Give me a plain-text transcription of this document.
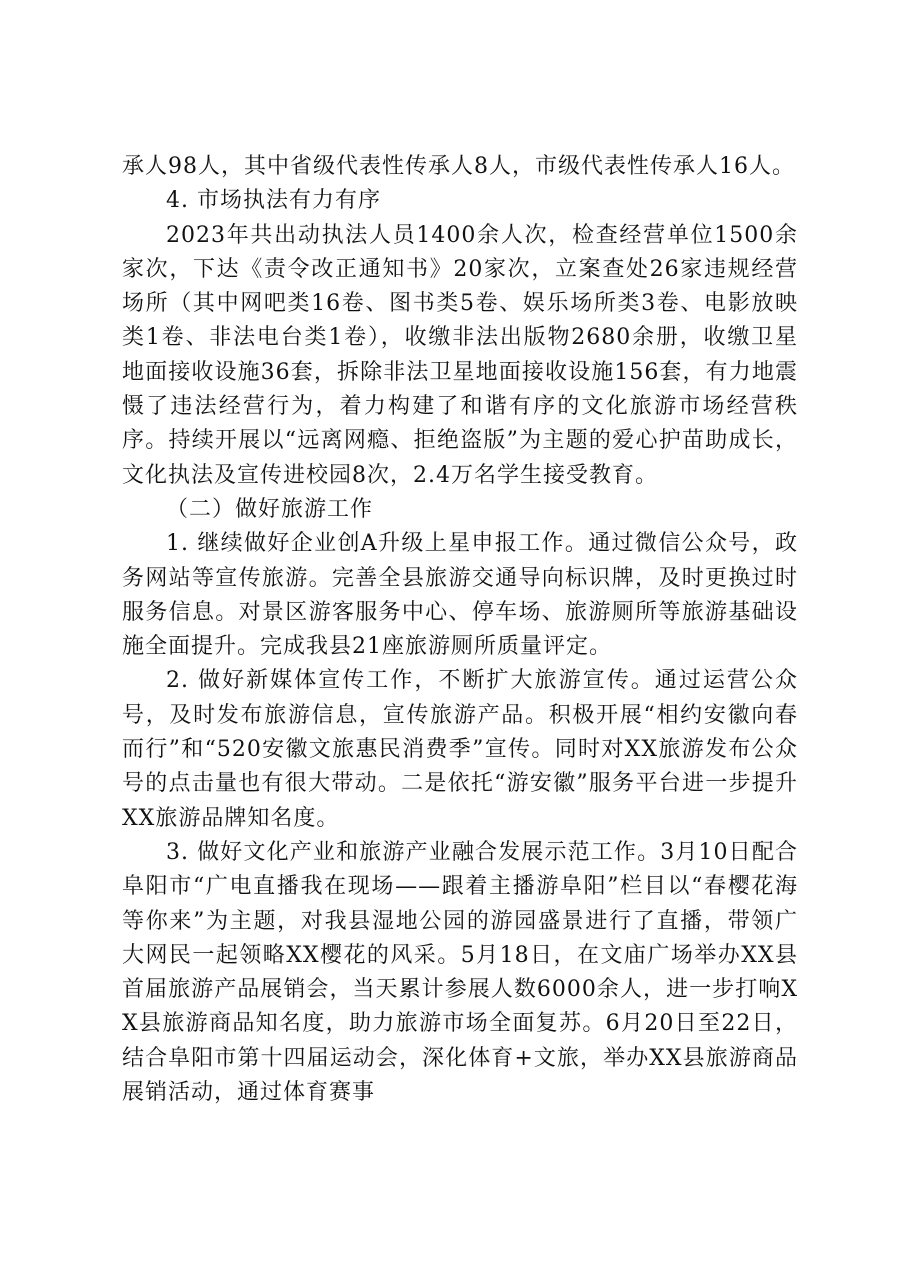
承人98人，其中省级代表性传承人8人，市级代表性传承人16人。

4. 市场执法有力有序

2023年共出动执法人员1400余人次，检查经营单位1500余家次，下达《责令改正通知书》20家次，立案查处26家违规经营场所（其中网吧类16卷、图书类5卷、娱乐场所类3卷、电影放映类1卷、非法电台类1卷），收缴非法出版物2680余册，收缴卫星地面接收设施36套，拆除非法卫星地面接收设施156套，有力地震慑了违法经营行为，着力构建了和谐有序的文化旅游市场经营秩序。持续开展以“远离网瘾、拒绝盗版”为主题的爱心护苗助成长，文化执法及宣传进校园8次，2.4万名学生接受教育。

（二）做好旅游工作

1. 继续做好企业创A升级上星申报工作。通过微信公众号，政务网站等宣传旅游。完善全县旅游交通导向标识牌，及时更换过时服务信息。对景区游客服务中心、停车场、旅游厕所等旅游基础设施全面提升。完成我县21座旅游厕所质量评定。

2. 做好新媒体宣传工作，不断扩大旅游宣传。通过运营公众号，及时发布旅游信息，宣传旅游产品。积极开展“相约安徽向春而行”和“520安徽文旅惠民消费季”宣传。同时对XX旅游发布公众号的点击量也有很大带动。二是依托“游安徽”服务平台进一步提升XX旅游品牌知名度。

3. 做好文化产业和旅游产业融合发展示范工作。3月10日配合阜阳市“广电直播我在现场——跟着主播游阜阳”栏目以“春樱花海等你来”为主题，对我县湿地公园的游园盛景进行了直播，带领广大网民一起领略XX樱花的风采。5月18日，在文庙广场举办XX县首届旅游产品展销会，当天累计参展人数6000余人，进一步打响XX县旅游商品知名度，助力旅游市场全面复苏。6月20日至22日，结合阜阳市第十四届运动会，深化体育+文旅，举办XX县旅游商品展销活动，通过体育赛事
